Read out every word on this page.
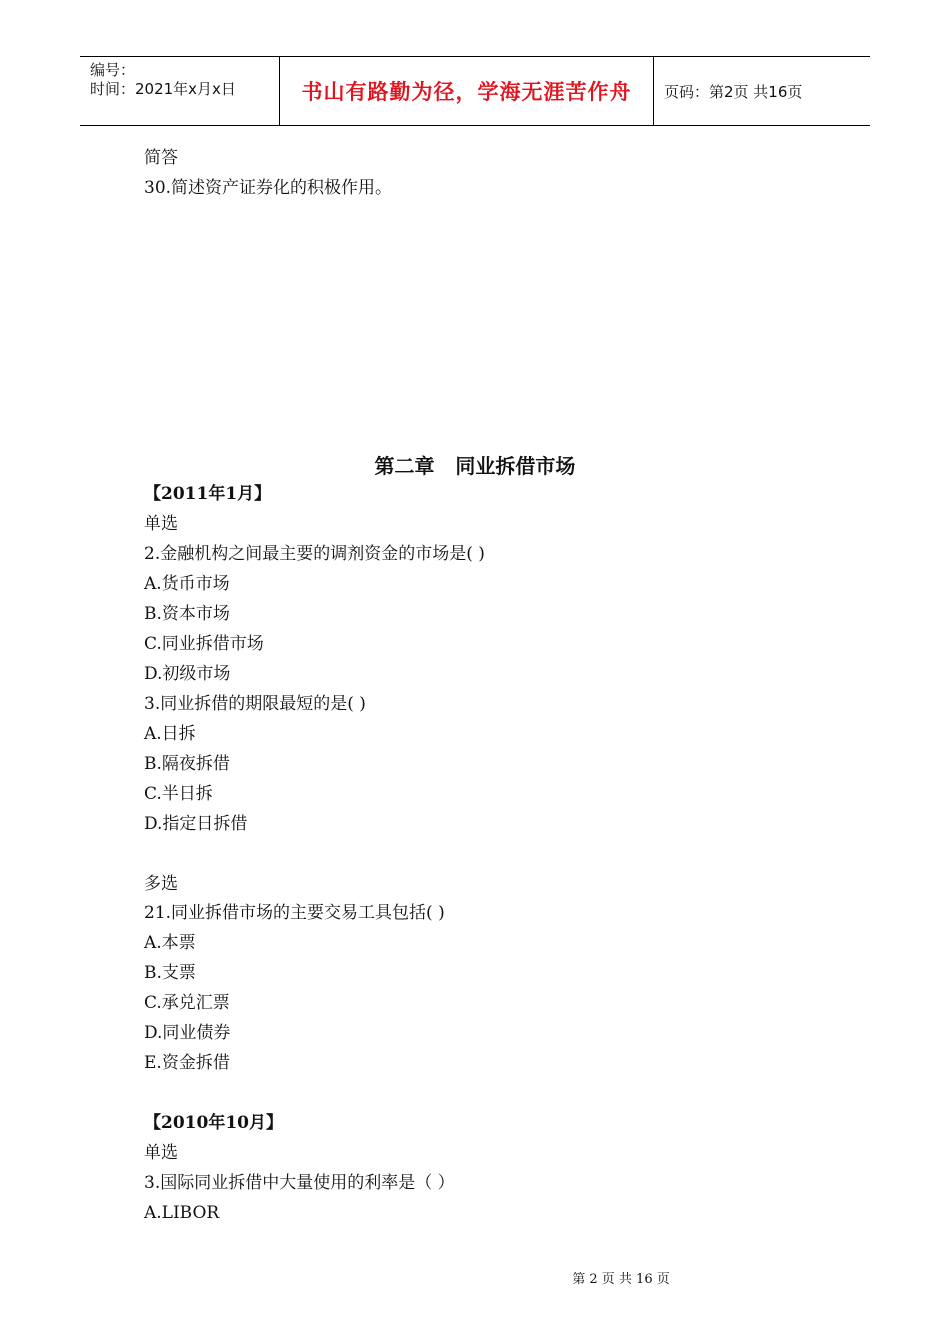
编号：
时间：2021年x月x日	书山有路勤为径，学海无涯苦作舟	页码：第2页 共16页
简答
30.简述资产证券化的积极作用。
第二章   同业拆借市场
【2011年1月】
单选
2.金融机构之间最主要的调剂资金的市场是( )
A.货币市场
B.资本市场
C.同业拆借市场
D.初级市场
3.同业拆借的期限最短的是( )
A.日拆
B.隔夜拆借
C.半日拆
D.指定日拆借
多选
21.同业拆借市场的主要交易工具包括( )
A.本票
B.支票
C.承兑汇票
D.同业债券
E.资金拆借
【2010年10月】
单选
3.国际同业拆借中大量使用的利率是（ ）
A.LIBOR
第 2 页 共 16 页
